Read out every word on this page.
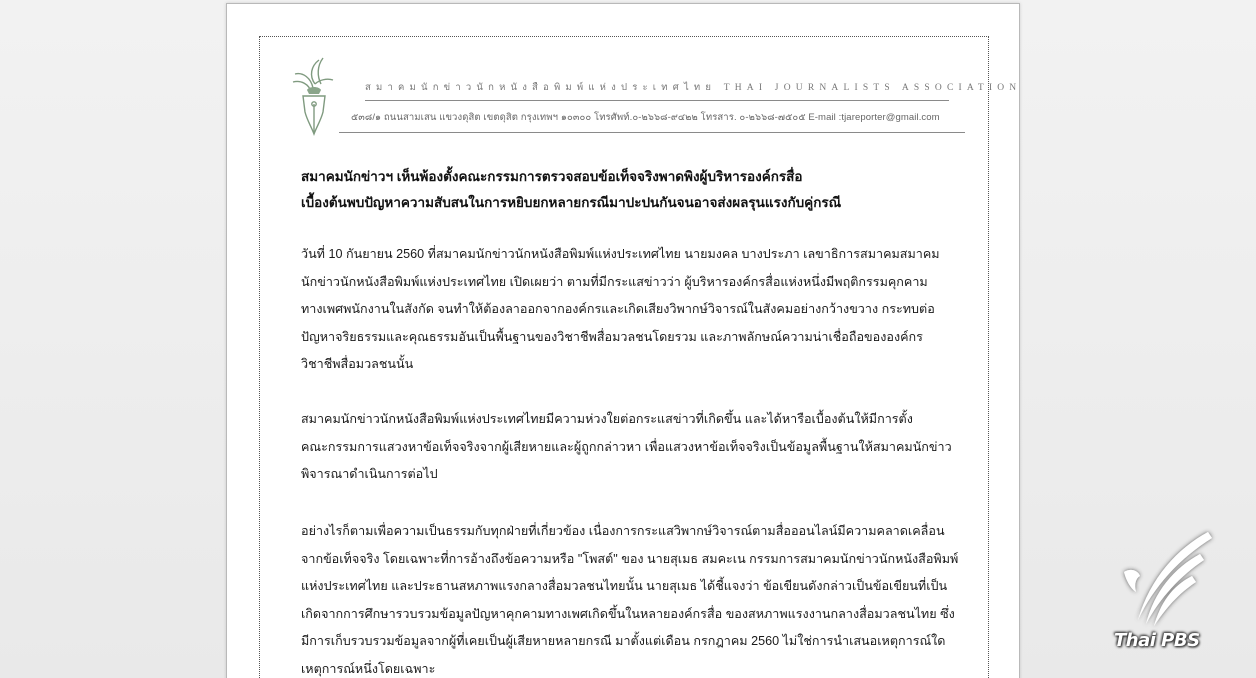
สมาคมนักข่าวนักหนังสือพิมพ์แห่งประเทศไทย THAI JOURNALISTS ASSOCIATION
๕๓๘/๑ ถนนสามเสน แขวงดุสิต เขตดุสิต กรุงเทพฯ ๑๐๓๐๐ โทรศัพท์.๐-๒๖๖๘-๙๔๒๒ โทรสาร. ๐-๒๖๖๘-๗๕๐๕ E-mail :tjareporter@gmail.com
สมาคมนักข่าวฯ เห็นพ้องตั้งคณะกรรมการตรวจสอบข้อเท็จจริงพาดพิงผู้บริหารองค์กรสื่อ
เบื้องต้นพบปัญหาความสับสนในการหยิบยกหลายกรณีมาปะปนกันจนอาจส่งผลรุนแรงกับคู่กรณี
วันที่ 10 กันยายน 2560 ที่สมาคมนักข่าวนักหนังสือพิมพ์แห่งประเทศไทย นายมงคล บางประภา เลขาธิการสมาคมสมาคม
นักข่าวนักหนังสือพิมพ์แห่งประเทศไทย เปิดเผยว่า ตามที่มีกระแสข่าวว่า ผู้บริหารองค์กรสื่อแห่งหนึ่งมีพฤติกรรมคุกคาม
ทางเพศพนักงานในสังกัด จนทำให้ต้องลาออกจากองค์กรและเกิดเสียงวิพากษ์วิจารณ์ในสังคมอย่างกว้างขวาง กระทบต่อ
ปัญหาจริยธรรมและคุณธรรมอันเป็นพื้นฐานของวิชาชีพสื่อมวลชนโดยรวม และภาพลักษณ์ความน่าเชื่อถือขององค์กร
วิชาชีพสื่อมวลชนนั้น
สมาคมนักข่าวนักหนังสือพิมพ์แห่งประเทศไทยมีความห่วงใยต่อกระแสข่าวที่เกิดขึ้น และได้หารือเบื้องต้นให้มีการตั้ง
คณะกรรมการแสวงหาข้อเท็จจริงจากผู้เสียหายและผู้ถูกกล่าวหา เพื่อแสวงหาข้อเท็จจริงเป็นข้อมูลพื้นฐานให้สมาคมนักข่าว
พิจารณาดำเนินการต่อไป
อย่างไรก็ตามเพื่อความเป็นธรรมกับทุกฝ่ายที่เกี่ยวข้อง เนื่องการกระแสวิพากษ์วิจารณ์ตามสื่อออนไลน์มีความคลาดเคลื่อน
จากข้อเท็จจริง โดยเฉพาะที่การอ้างถึงข้อความหรือ "โพสต์" ของ นายสุเมธ สมคะเน กรรมการสมาคมนักข่าวนักหนังสือพิมพ์
แห่งประเทศไทย และประธานสหภาพแรงกลางสื่อมวลชนไทยนั้น นายสุเมธ ได้ชี้แจงว่า ข้อเขียนดังกล่าวเป็นข้อเขียนที่เป็น
เกิดจากการศึกษารวบรวมข้อมูลปัญหาคุกคามทางเพศเกิดขึ้นในหลายองค์กรสื่อ ของสหภาพแรงงานกลางสื่อมวลชนไทย ซึ่ง
มีการเก็บรวบรวมข้อมูลจากผู้ที่เคยเป็นผู้เสียหายหลายกรณี มาตั้งแต่เดือน กรกฎาคม 2560 ไม่ใช่การนำเสนอเหตุการณ์ใด
เหตุการณ์หนึ่งโดยเฉพาะ
Thai PBS
